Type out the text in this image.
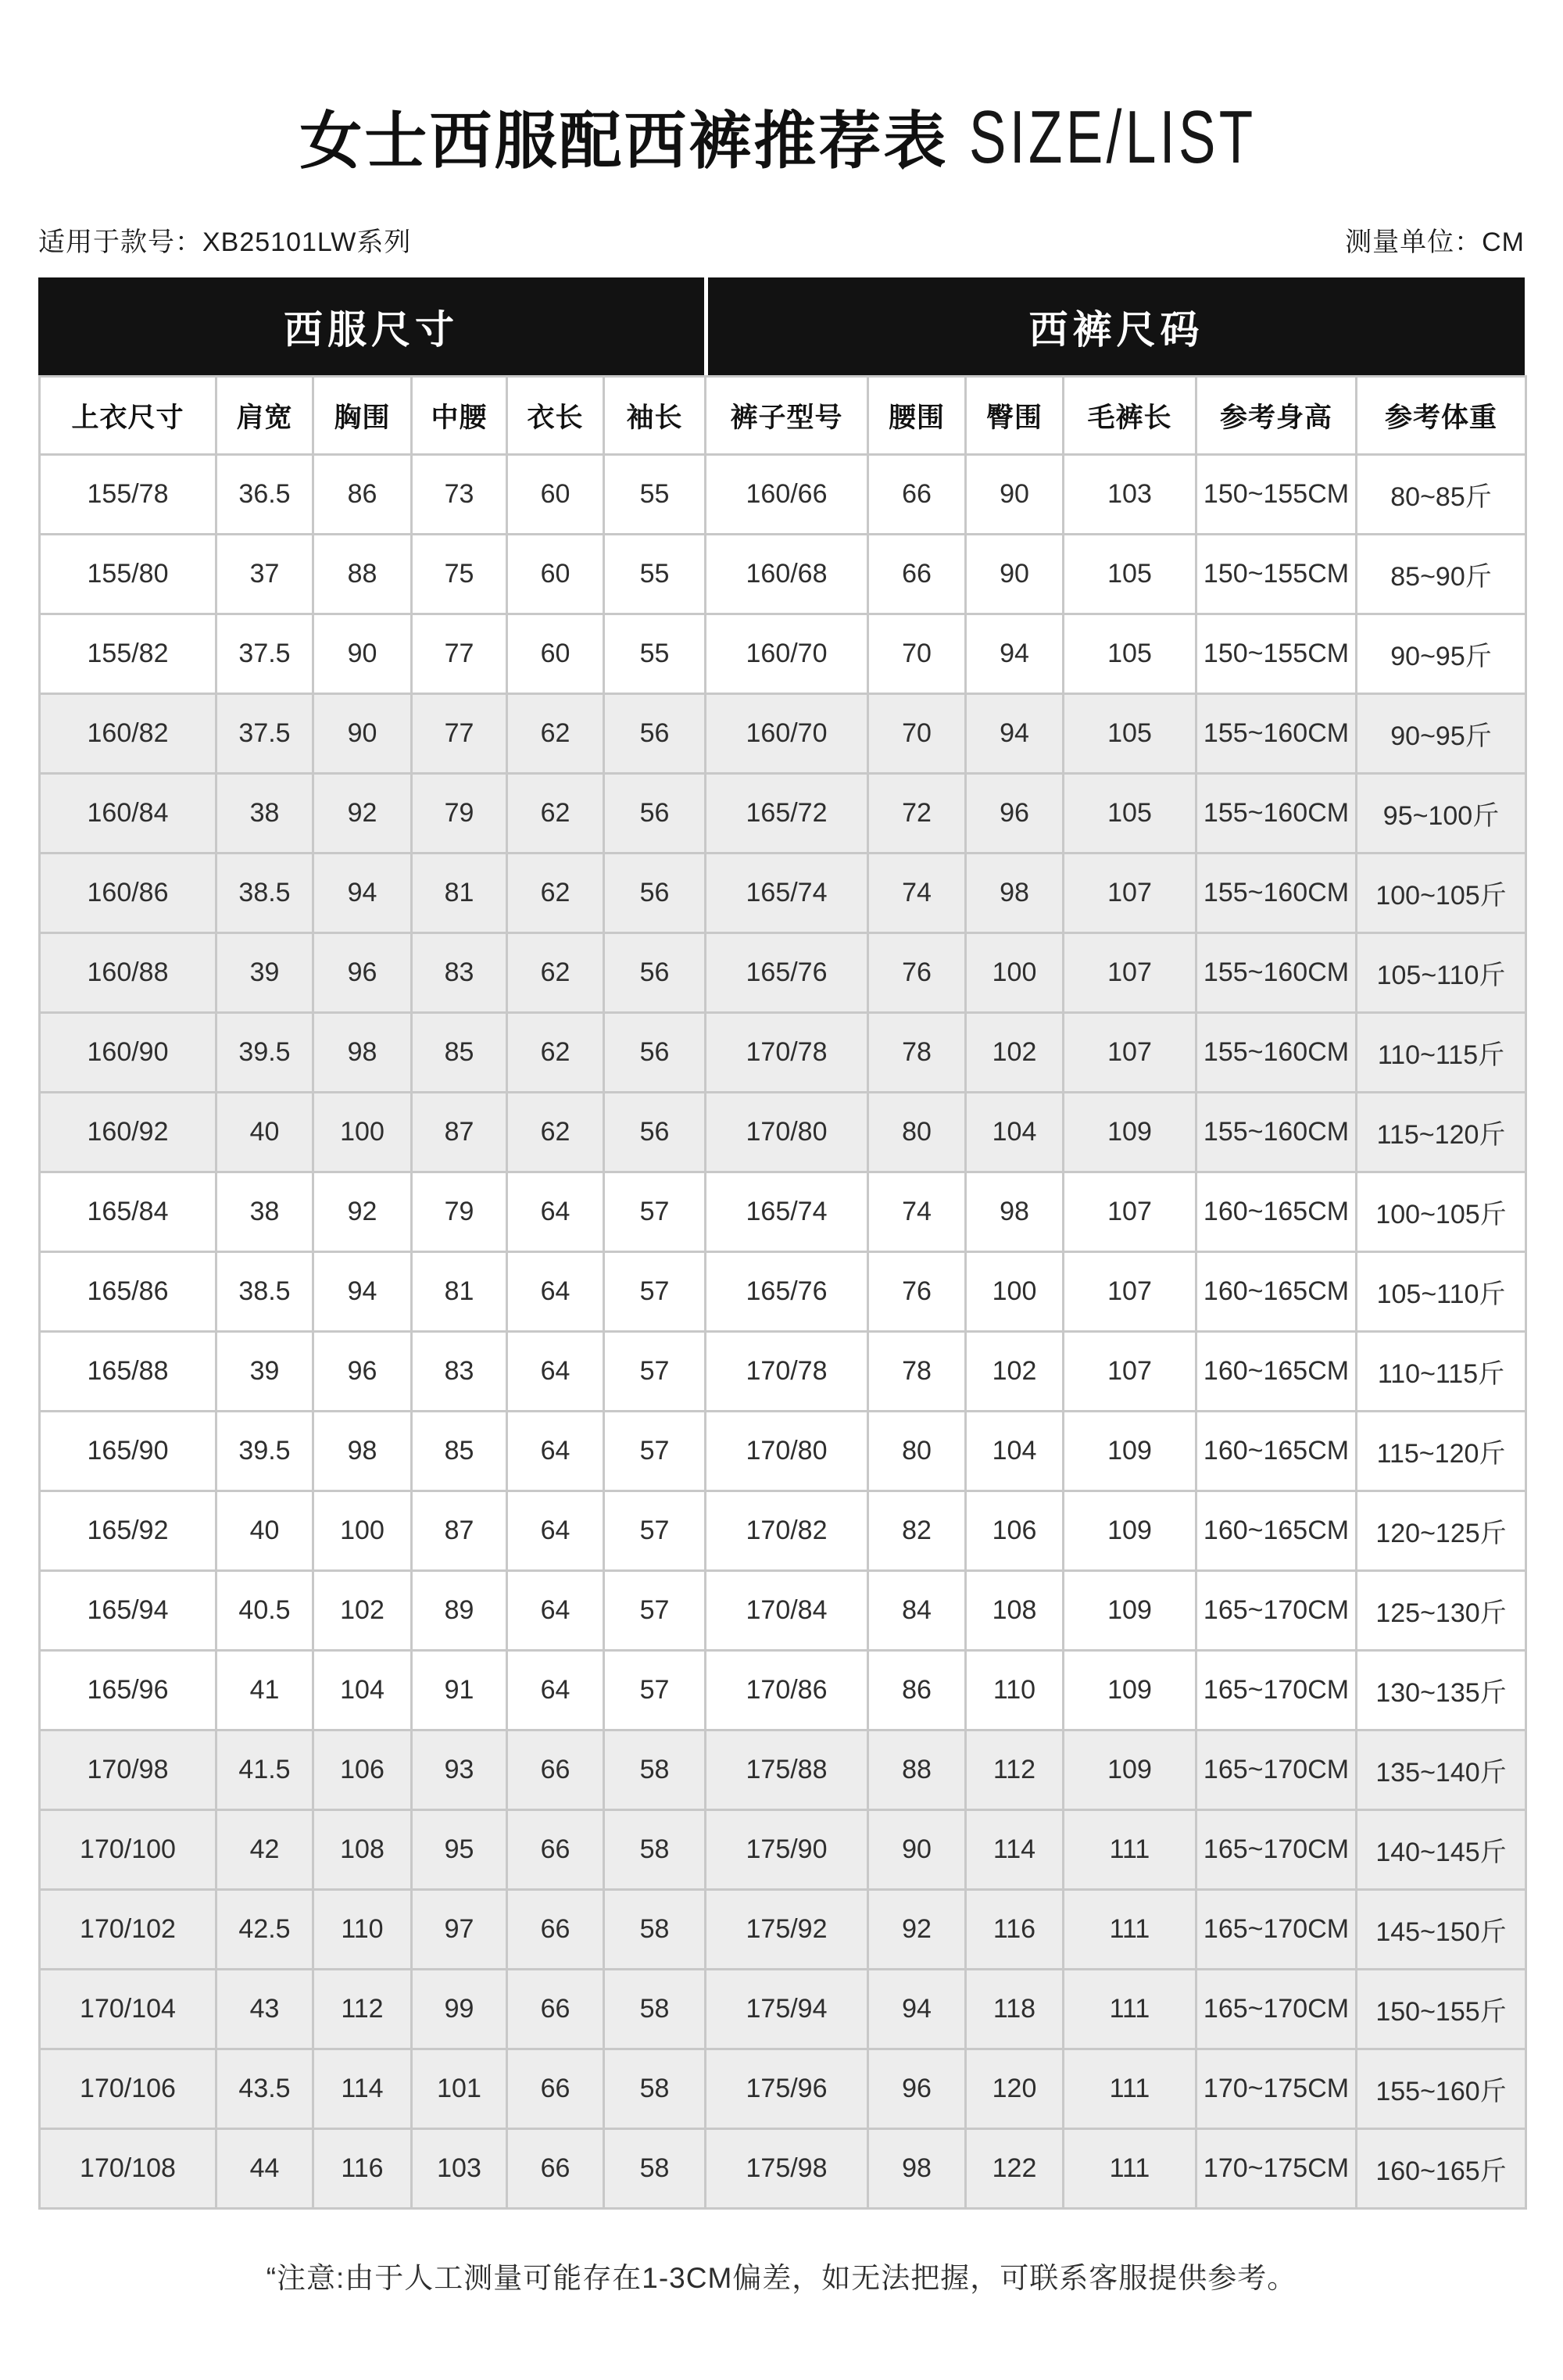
女士西服配西裤推荐表 SIZE/LIST
适用于款号：XB25101LW系列	测量单位：CM
西服尺寸	西裤尺码
上衣尺寸	肩宽	胸围	中腰	衣长	袖长	裤子型号	腰围	臀围	毛裤长	参考身高	参考体重
155/78	36.5	86	73	60	55	160/66	66	90	103	150~155CM	80~85斤
155/80	37	88	75	60	55	160/68	66	90	105	150~155CM	85~90斤
155/82	37.5	90	77	60	55	160/70	70	94	105	150~155CM	90~95斤
160/82	37.5	90	77	62	56	160/70	70	94	105	155~160CM	90~95斤
160/84	38	92	79	62	56	165/72	72	96	105	155~160CM	95~100斤
160/86	38.5	94	81	62	56	165/74	74	98	107	155~160CM	100~105斤
160/88	39	96	83	62	56	165/76	76	100	107	155~160CM	105~110斤
160/90	39.5	98	85	62	56	170/78	78	102	107	155~160CM	110~115斤
160/92	40	100	87	62	56	170/80	80	104	109	155~160CM	115~120斤
165/84	38	92	79	64	57	165/74	74	98	107	160~165CM	100~105斤
165/86	38.5	94	81	64	57	165/76	76	100	107	160~165CM	105~110斤
165/88	39	96	83	64	57	170/78	78	102	107	160~165CM	110~115斤
165/90	39.5	98	85	64	57	170/80	80	104	109	160~165CM	115~120斤
165/92	40	100	87	64	57	170/82	82	106	109	160~165CM	120~125斤
165/94	40.5	102	89	64	57	170/84	84	108	109	165~170CM	125~130斤
165/96	41	104	91	64	57	170/86	86	110	109	165~170CM	130~135斤
170/98	41.5	106	93	66	58	175/88	88	112	109	165~170CM	135~140斤
170/100	42	108	95	66	58	175/90	90	114	111	165~170CM	140~145斤
170/102	42.5	110	97	66	58	175/92	92	116	111	165~170CM	145~150斤
170/104	43	112	99	66	58	175/94	94	118	111	165~170CM	150~155斤
170/106	43.5	114	101	66	58	175/96	96	120	111	170~175CM	155~160斤
170/108	44	116	103	66	58	175/98	98	122	111	170~175CM	160~165斤
“注意:由于人工测量可能存在1-3CM偏差，如无法把握，可联系客服提供参考。
